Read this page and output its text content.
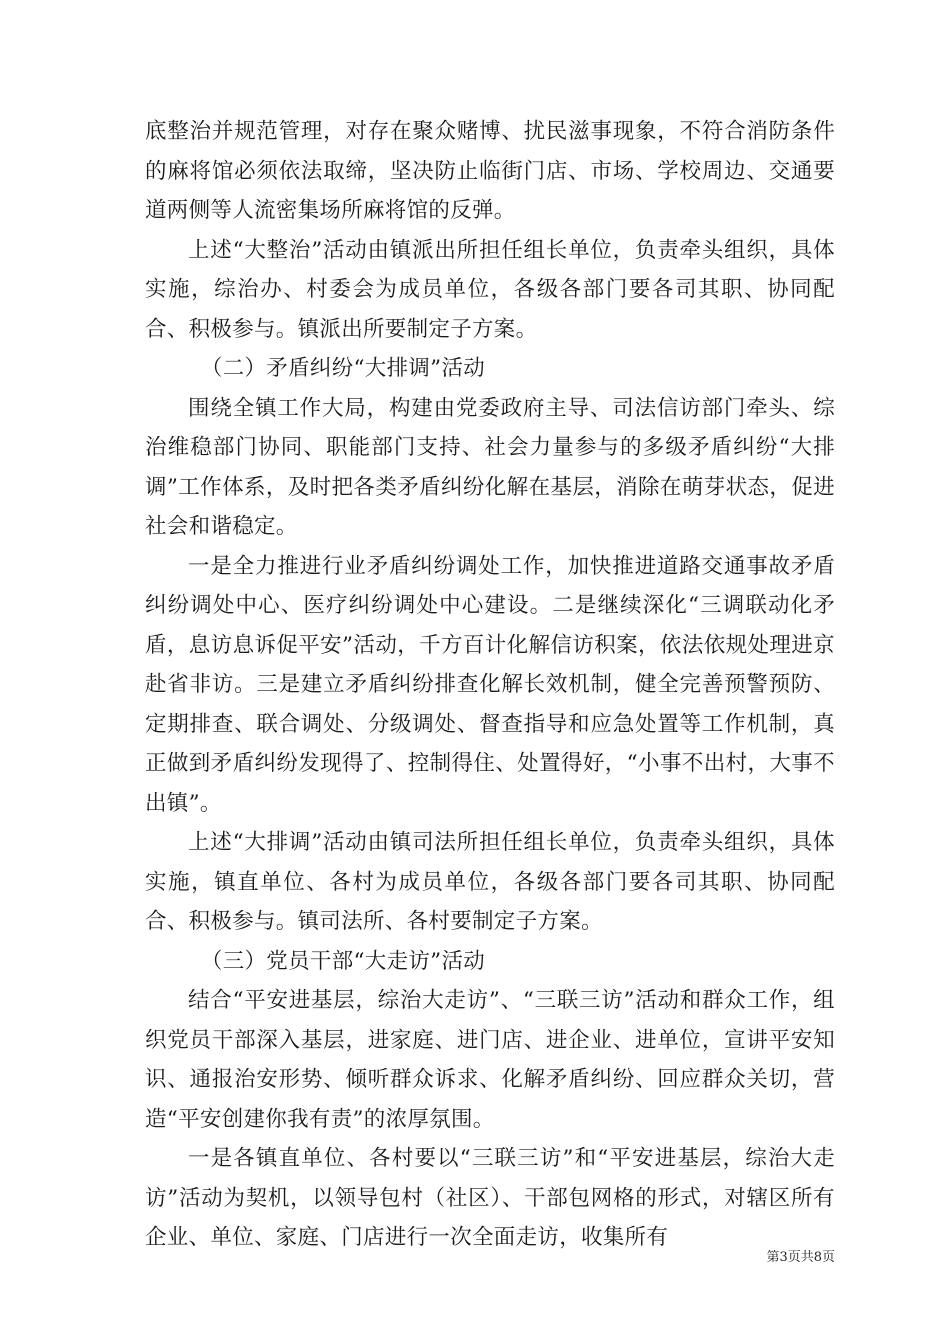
底整治并规范管理，对存在聚众赌博、扰民滋事现象，不符合消防条件的麻将馆必须依法取缔，坚决防止临街门店、市场、学校周边、交通要道两侧等人流密集场所麻将馆的反弹。

上述“大整治”活动由镇派出所担任组长单位，负责牵头组织，具体实施，综治办、村委会为成员单位，各级各部门要各司其职、协同配合、积极参与。镇派出所要制定子方案。

（二）矛盾纠纷“大排调”活动

围绕全镇工作大局，构建由党委政府主导、司法信访部门牵头、综治维稳部门协同、职能部门支持、社会力量参与的多级矛盾纠纷“大排调”工作体系，及时把各类矛盾纠纷化解在基层，消除在萌芽状态，促进社会和谐稳定。

一是全力推进行业矛盾纠纷调处工作，加快推进道路交通事故矛盾纠纷调处中心、医疗纠纷调处中心建设。二是继续深化“三调联动化矛盾，息访息诉促平安”活动，千方百计化解信访积案，依法依规处理进京赴省非访。三是建立矛盾纠纷排查化解长效机制，健全完善预警预防、定期排查、联合调处、分级调处、督查指导和应急处置等工作机制，真正做到矛盾纠纷发现得了、控制得住、处置得好，“小事不出村，大事不出镇”。

上述“大排调”活动由镇司法所担任组长单位，负责牵头组织，具体实施，镇直单位、各村为成员单位，各级各部门要各司其职、协同配合、积极参与。镇司法所、各村要制定子方案。

（三）党员干部“大走访”活动

结合“平安进基层，综治大走访”、“三联三访”活动和群众工作，组织党员干部深入基层，进家庭、进门店、进企业、进单位，宣讲平安知识、通报治安形势、倾听群众诉求、化解矛盾纠纷、回应群众关切，营造“平安创建你我有责”的浓厚氛围。

一是各镇直单位、各村要以“三联三访”和“平安进基层，综治大走访”活动为契机，以领导包村（社区）、干部包网格的形式，对辖区所有企业、单位、家庭、门店进行一次全面走访，收集所有

第3页共8页
